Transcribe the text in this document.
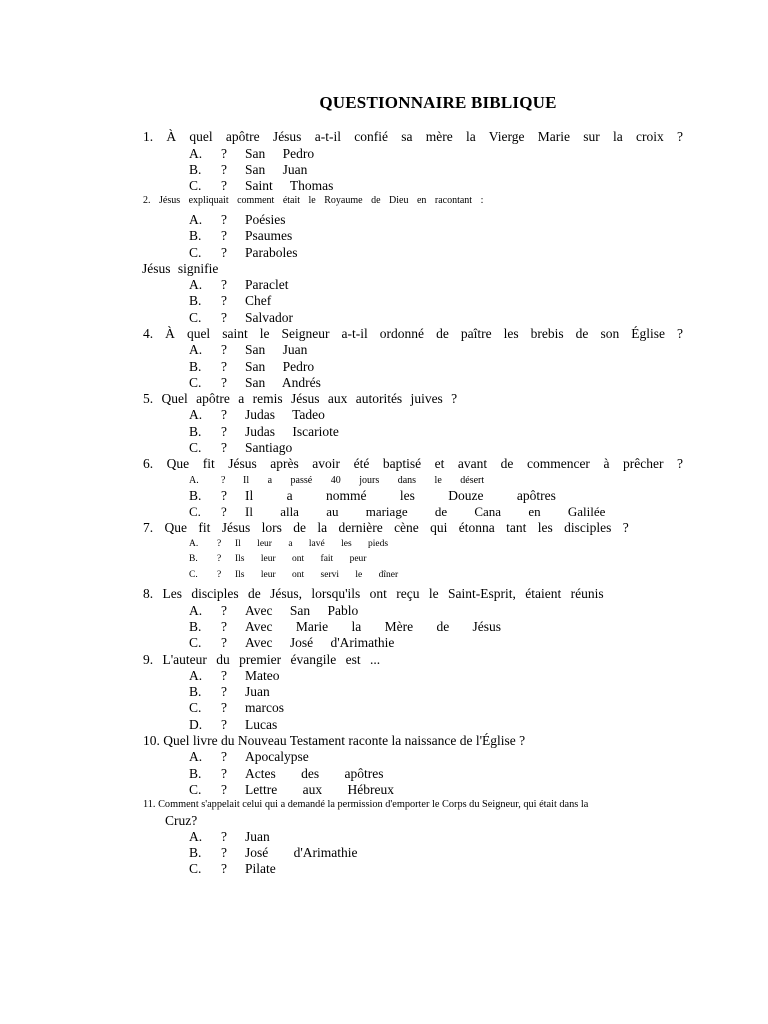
QUESTIONNAIRE BIBLIQUE
1. À quel apôtre Jésus a-t-il confié sa mère la Vierge Marie sur la croix ?
A. ? San Pedro
B. ? San Juan
C. ? Saint Thomas
2. Jésus expliquait comment était le Royaume de Dieu en racontant :
A. ? Poésies
B. ? Psaumes
C. ? Paraboles
Jésus signifie
A. ? Paraclet
B. ? Chef
C. ? Salvador
4. À quel saint le Seigneur a-t-il ordonné de paître les brebis de son Église ?
A. ? San Juan
B. ? San Pedro
C. ? San Andrés
5. Quel apôtre a remis Jésus aux autorités juives ?
A. ? Judas Tadeo
B. ? Judas Iscariote
C. ? Santiago
6. Que fit Jésus après avoir été baptisé et avant de commencer à prêcher ?
A. ? Il a passé 40 jours dans le désert
B. ? Il a nommé les Douze apôtres
C. ? Il alla au mariage de Cana en Galilée
7. Que fit Jésus lors de la dernière cène qui étonna tant les disciples ?
A. ? Il leur a lavé les pieds
B. ? Ils leur ont fait peur
C. ? Ils leur ont servi le dîner
8. Les disciples de Jésus, lorsqu'ils ont reçu le Saint-Esprit, étaient réunis
A. ? Avec San Pablo
B. ? Avec Marie la Mère de Jésus
C. ? Avec José d'Arimathie
9. L'auteur du premier évangile est ...
A. ? Mateo
B. ? Juan
C. ? marcos
D. ? Lucas
10. Quel livre du Nouveau Testament raconte la naissance de l'Église ?
A. ? Apocalypse
B. ? Actes des apôtres
C. ? Lettre aux Hébreux
11. Comment s'appelait celui qui a demandé la permission d'emporter le Corps du Seigneur, qui était dans la
Cruz?
A. ? Juan
B. ? José d'Arimathie
C. ? Pilate
